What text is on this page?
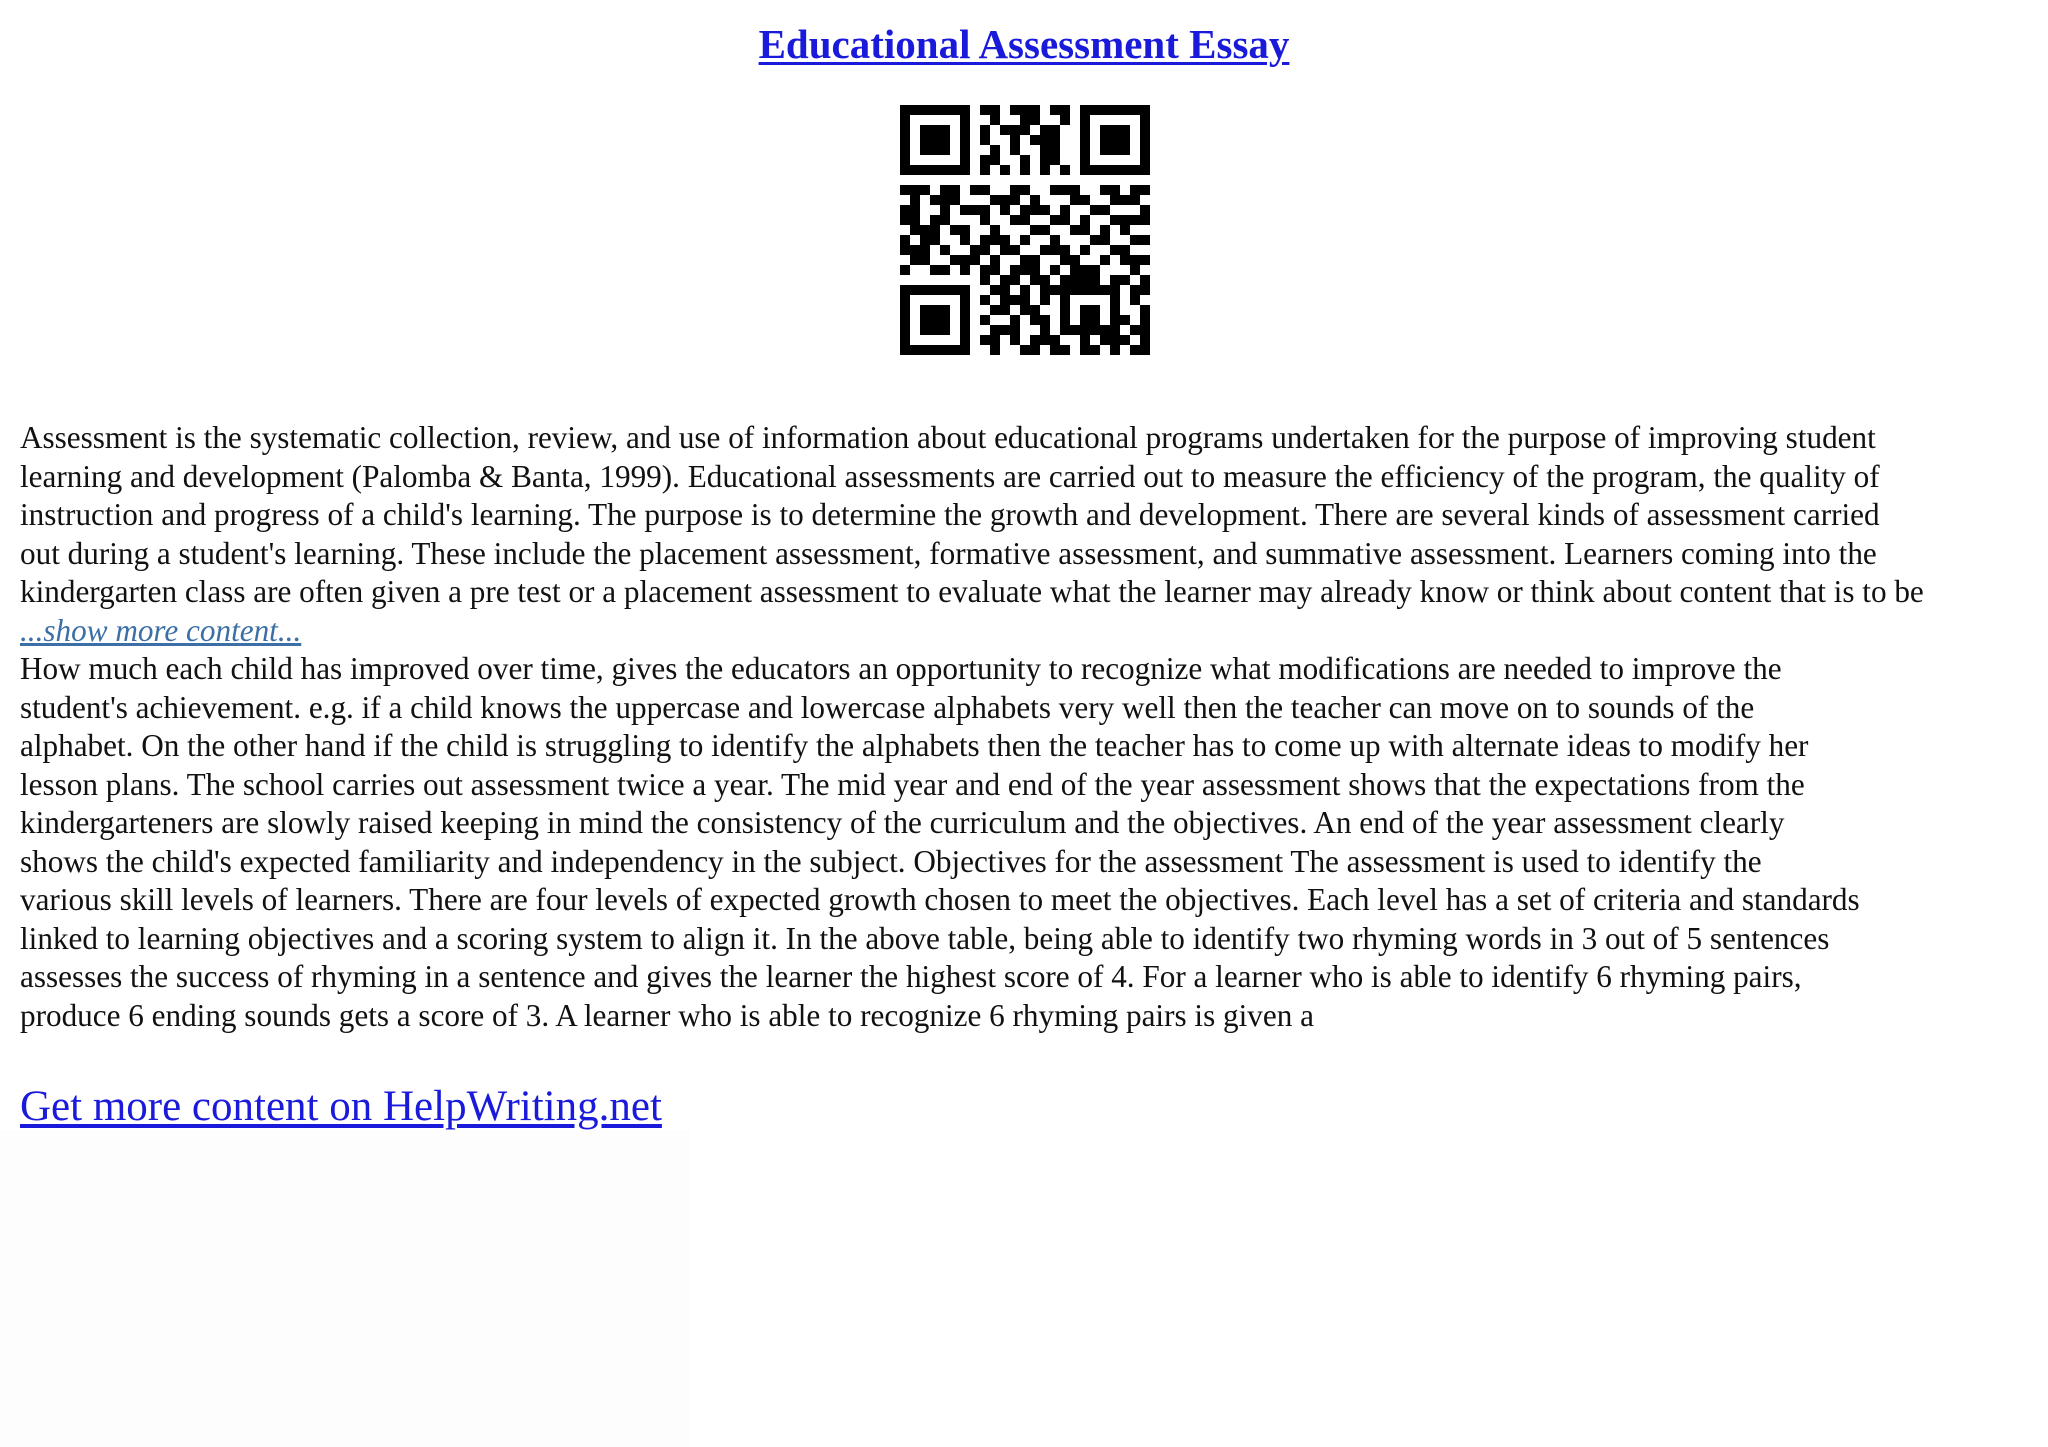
Educational Assessment Essay
Assessment is the systematic collection, review, and use of information about educational programs undertaken for the purpose of improving student
learning and development (Palomba & Banta, 1999). Educational assessments are carried out to measure the efficiency of the program, the quality of
instruction and progress of a child's learning. The purpose is to determine the growth and development. There are several kinds of assessment carried
out during a student's learning. These include the placement assessment, formative assessment, and summative assessment. Learners coming into the
kindergarten class are often given a pre test or a placement assessment to evaluate what the learner may already know or think about content that is to be
...show more content...
How much each child has improved over time, gives the educators an opportunity to recognize what modifications are needed to improve the
student's achievement. e.g. if a child knows the uppercase and lowercase alphabets very well then the teacher can move on to sounds of the
alphabet. On the other hand if the child is struggling to identify the alphabets then the teacher has to come up with alternate ideas to modify her
lesson plans. The school carries out assessment twice a year. The mid year and end of the year assessment shows that the expectations from the
kindergarteners are slowly raised keeping in mind the consistency of the curriculum and the objectives. An end of the year assessment clearly
shows the child's expected familiarity and independency in the subject. Objectives for the assessment The assessment is used to identify the
various skill levels of learners. There are four levels of expected growth chosen to meet the objectives. Each level has a set of criteria and standards
linked to learning objectives and a scoring system to align it. In the above table, being able to identify two rhyming words in 3 out of 5 sentences
assesses the success of rhyming in a sentence and gives the learner the highest score of 4. For a learner who is able to identify 6 rhyming pairs,
produce 6 ending sounds gets a score of 3. A learner who is able to recognize 6 rhyming pairs is given a
Get more content on HelpWriting.net
